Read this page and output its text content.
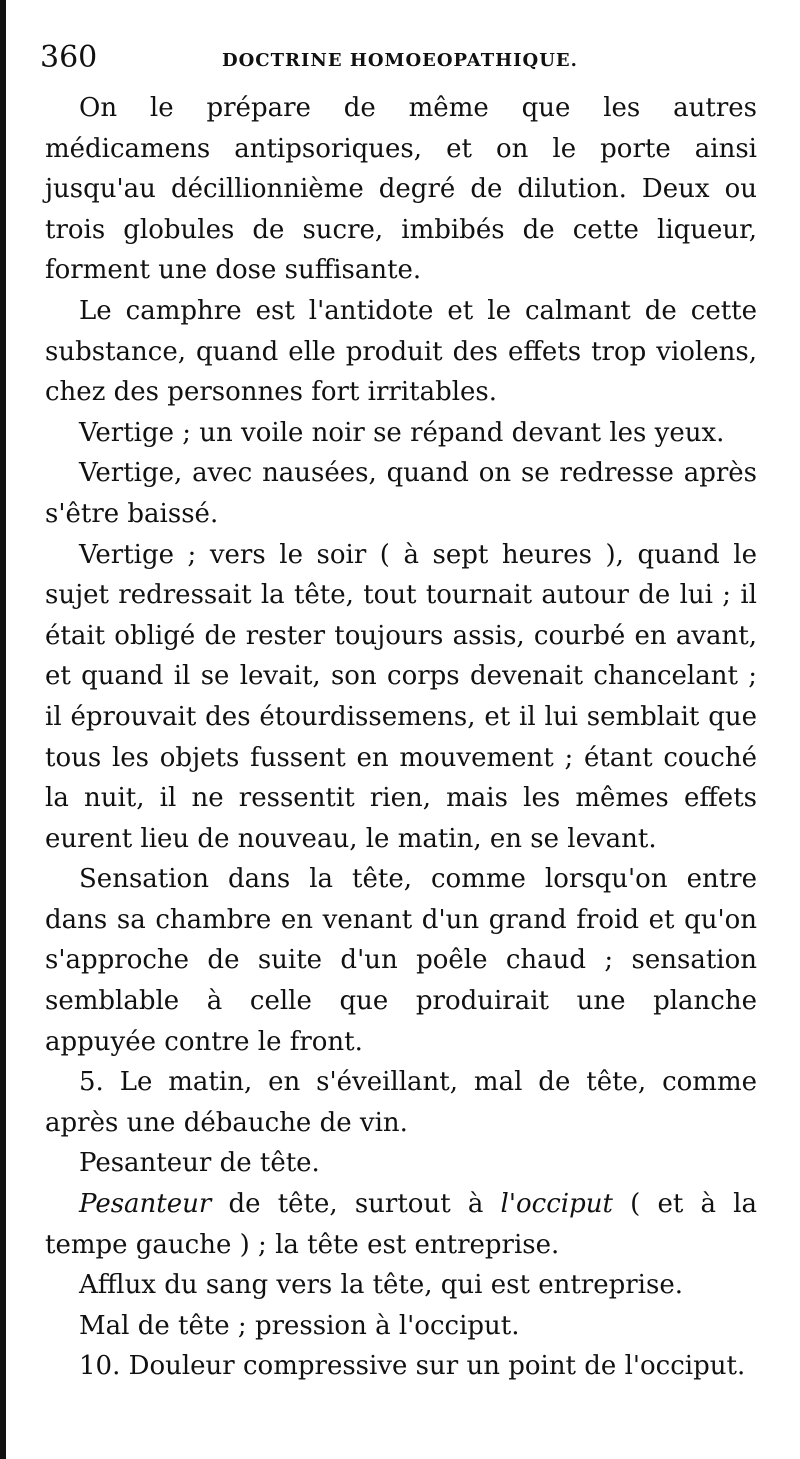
360	DOCTRINE HOMOEOPATHIQUE.

On le prépare de même que les autres médicamens antipsoriques, et on le porte ainsi jusqu'au décillionnième degré de dilution. Deux ou trois globules de sucre, imbibés de cette liqueur, forment une dose suffisante.

Le camphre est l'antidote et le calmant de cette substance, quand elle produit des effets trop violens, chez des personnes fort irritables.

Vertige ; un voile noir se répand devant les yeux.

Vertige, avec nausées, quand on se redresse après s'être baissé.

Vertige ; vers le soir ( à sept heures ), quand le sujet redressait la tête, tout tournait autour de lui ; il était obligé de rester toujours assis, courbé en avant, et quand il se levait, son corps devenait chancelant ; il éprouvait des étourdissemens, et il lui semblait que tous les objets fussent en mouvement ; étant couché la nuit, il ne ressentit rien, mais les mêmes effets eurent lieu de nouveau, le matin, en se levant.

Sensation dans la tête, comme lorsqu'on entre dans sa chambre en venant d'un grand froid et qu'on s'approche de suite d'un poêle chaud ; sensation semblable à celle que produirait une planche appuyée contre le front.

5. Le matin, en s'éveillant, mal de tête, comme après une débauche de vin.

Pesanteur de tête.

Pesanteur de tête, surtout à l'occiput ( et à la tempe gauche ) ; la tête est entreprise.

Afflux du sang vers la tête, qui est entreprise.

Mal de tête ; pression à l'occiput.

10. Douleur compressive sur un point de l'occiput.
